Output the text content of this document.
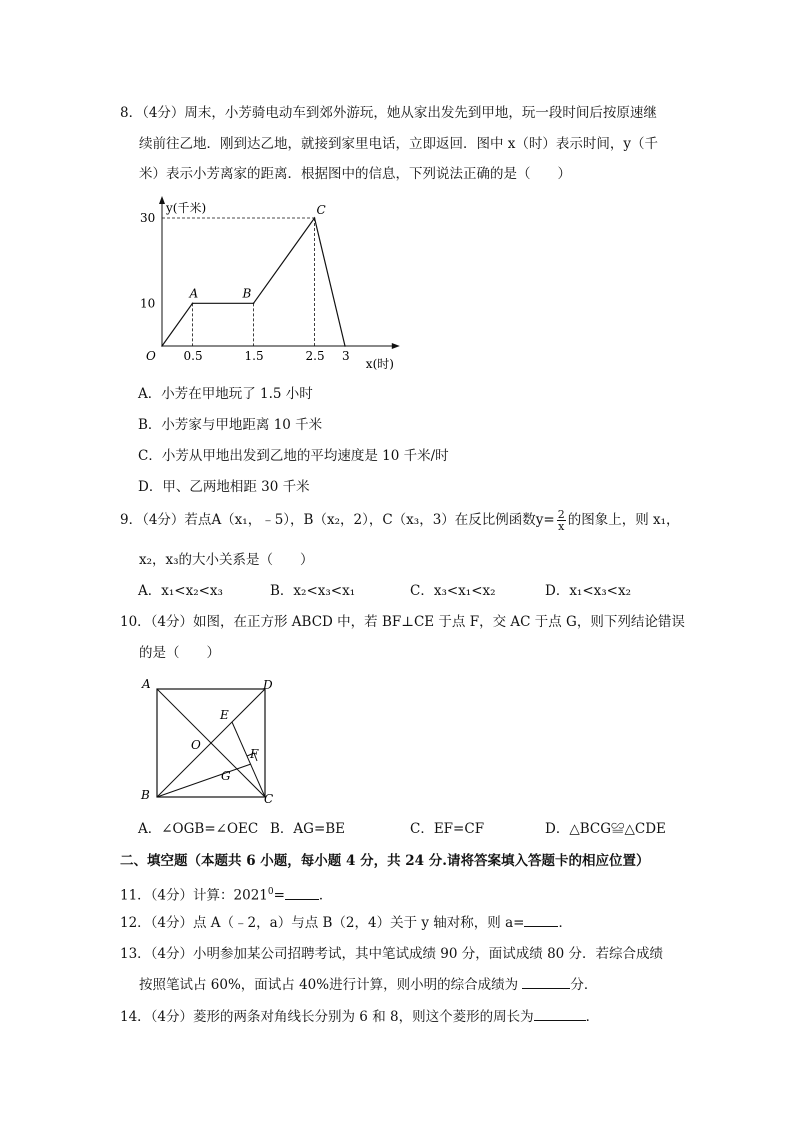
8．（4分）周末，小芳骑电动车到郊外游玩，她从家出发先到甲地，玩一段时间后按原速继
续前往乙地．刚到达乙地，就接到家里电话，立即返回．图中 x（时）表示时间，y（千
米）表示小芳离家的距离．根据图中的信息，下列说法正确的是（　　）
A	B
C
0.5	1.5	2.5 3
10
30
O
y(千米)
x(时)
A．小芳在甲地玩了 1.5 小时
B．小芳家与甲地距离 10 千米
C．小芳从甲地出发到乙地的平均速度是 10 千米/时
D．甲、乙两地相距 30 千米
9．（4分）若点A（x₁，﹣5），B（x₂，2），C（x₃，3）在反比例函数$y= \frac{2}{x}$ 的图象上，则 x₁，
x₂，x₃的大小关系是（　　）
A．x₁<x₂<x₃	B．x₂<x₃<x₁	C．x₃<x₁<x₂	D．x₁<x₃<x₂
10．（4分）如图，在正方形 ABCD 中，若 BF⊥CE 于点 F，交 AC 于点 G，则下列结论错误
的是（　　）
A	D
B	C
E
O
F
G
A．∠OGB=∠OEC B．AG=BE	C．EF=CF	D．△BCG≌△CDE
二、填空题（本题共 6 小题，每小题 4 分，共 24 分.请将答案填入答题卡的相应位置）
11．（4分）计算：$2021^0=$	．
12．（4分）点 A（﹣2，a）与点 B（2，4）关于 y 轴对称，则 a=	．
13．（4分）小明参加某公司招聘考试，其中笔试成绩 90 分，面试成绩 80 分．若综合成绩
按照笔试占 60%，面试占 40%进行计算，则小明的综合成绩为	分．
14．（4分）菱形的两条对角线长分别为 6 和 8，则这个菱形的周长为	．
